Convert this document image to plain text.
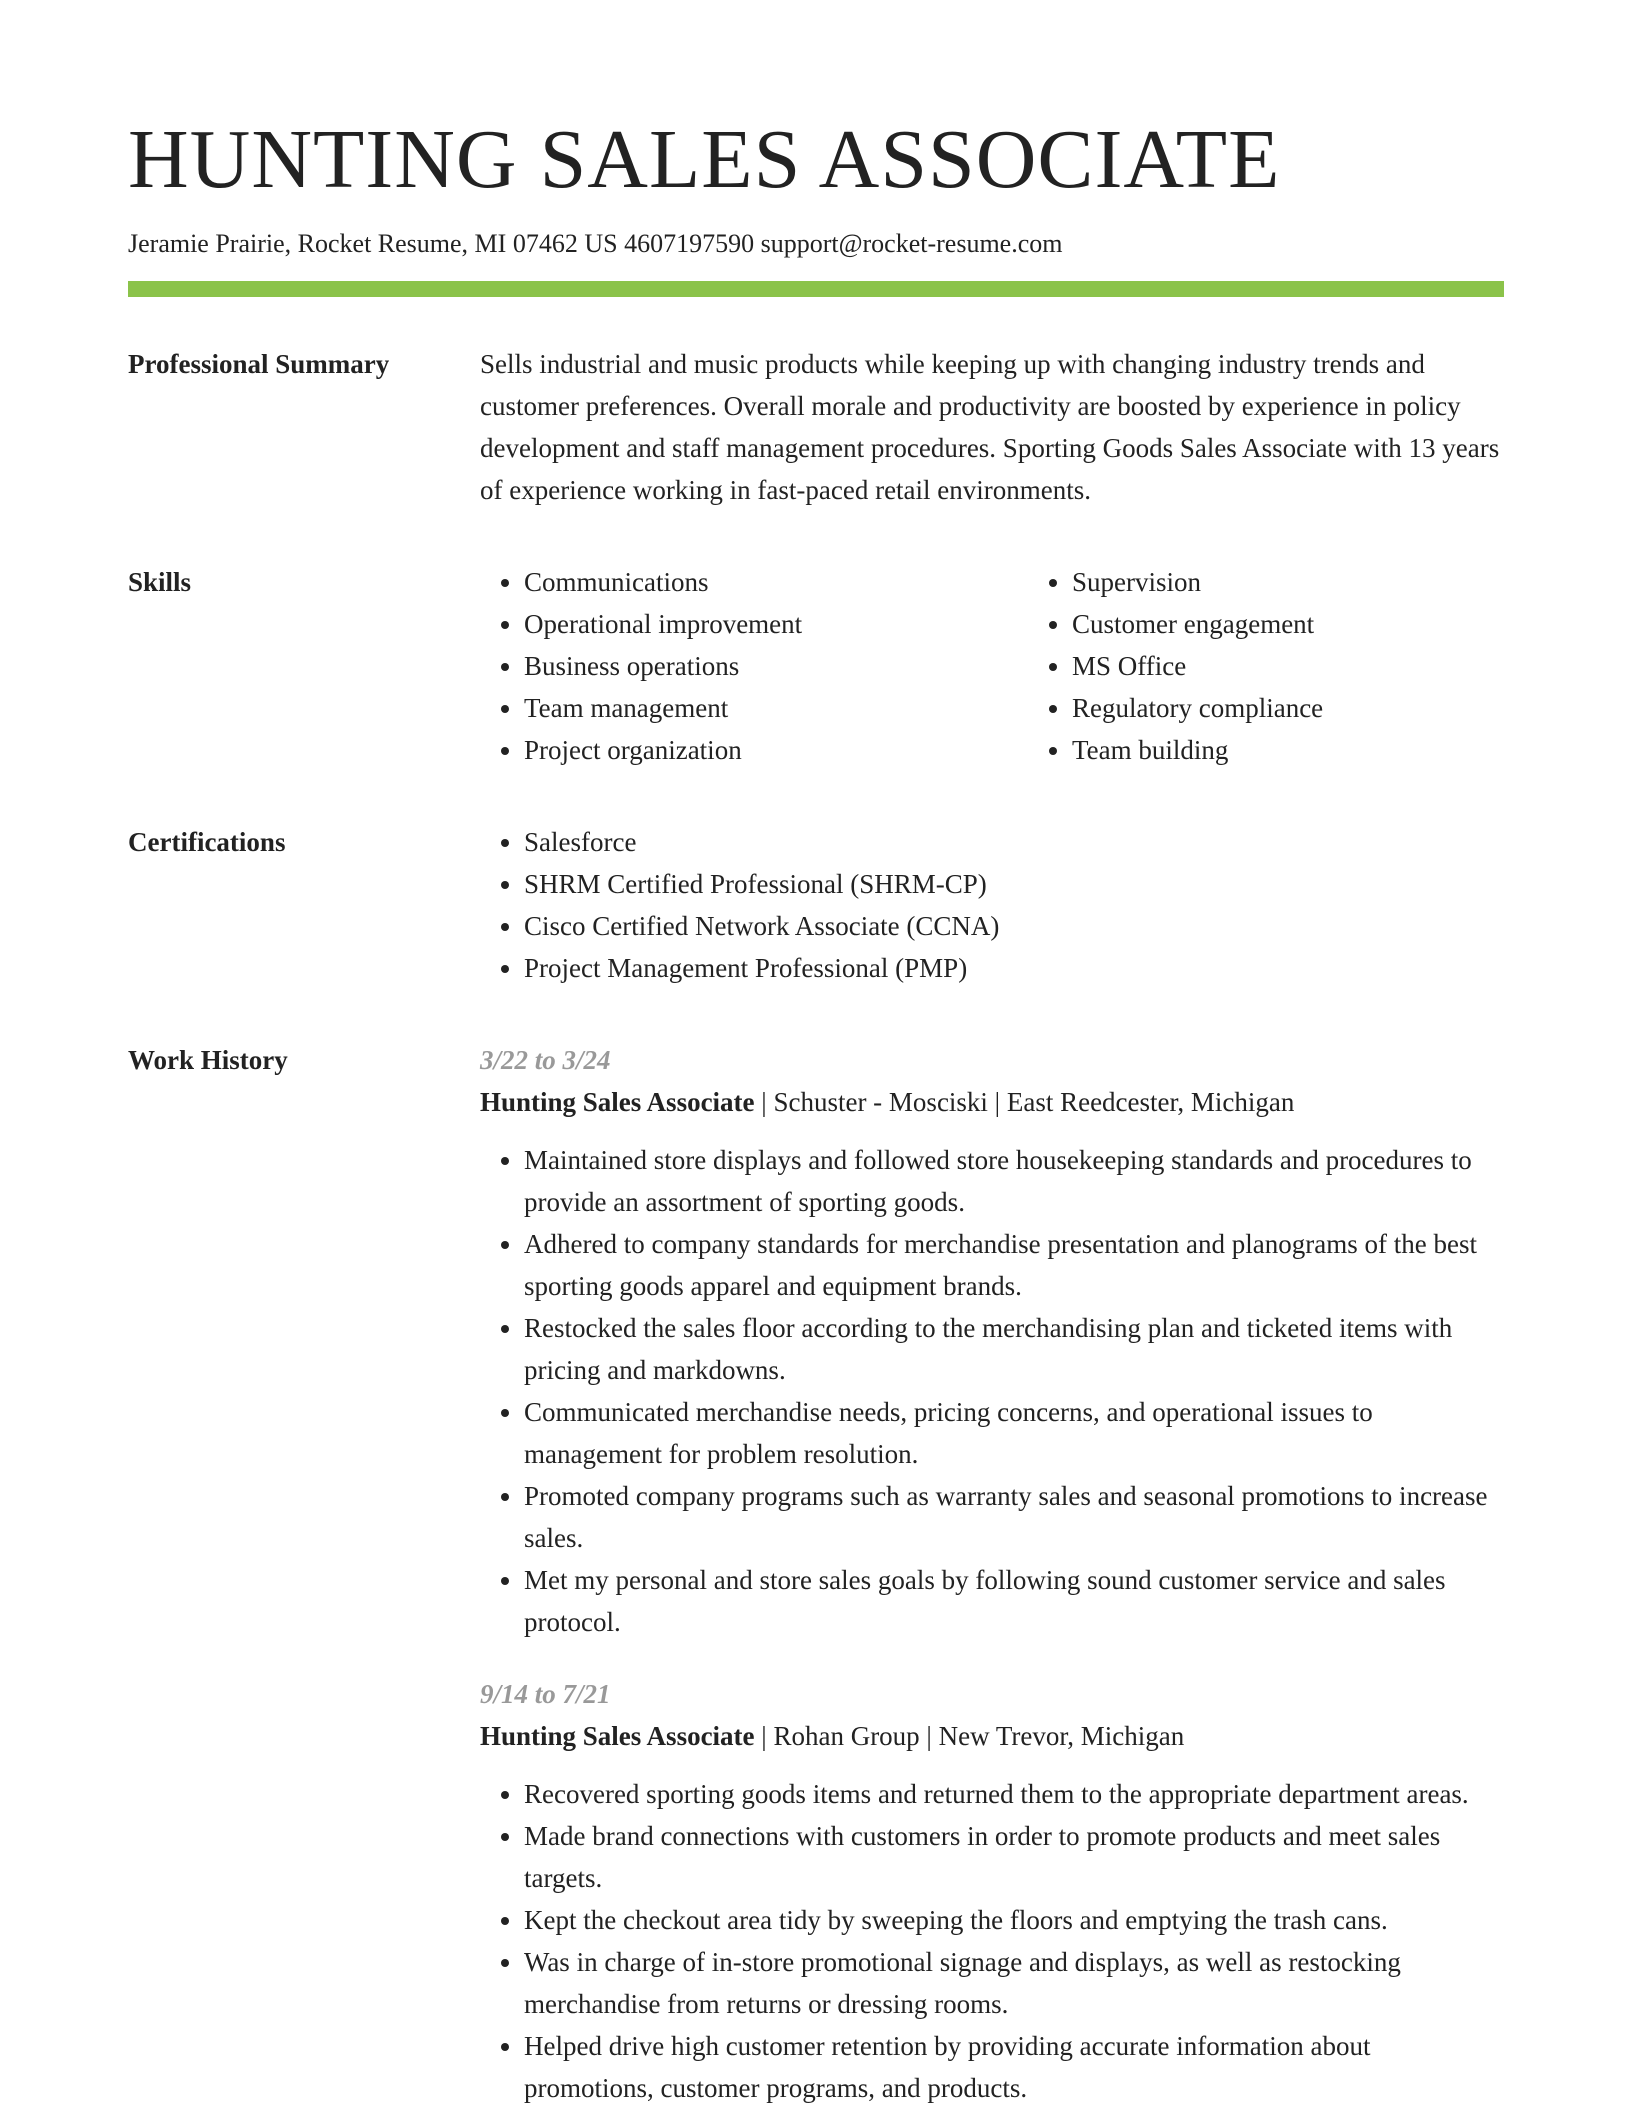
HUNTING SALES ASSOCIATE
Jeramie Prairie, Rocket Resume, MI 07462 US 4607197590 support@rocket-resume.com
Professional Summary	Sells industrial and music products while keeping up with changing industry trends and customer preferences. Overall morale and productivity are boosted by experience in policy development and staff management procedures. Sporting Goods Sales Associate with 13 years of experience working in fast-paced retail environments.
Skills	• Communications
• Operational improvement
• Business operations
• Team management
• Project organization
• Supervision
• Customer engagement
• MS Office
• Regulatory compliance
• Team building
Certifications	• Salesforce
• SHRM Certified Professional (SHRM-CP)
• Cisco Certified Network Associate (CCNA)
• Project Management Professional (PMP)
Work History	3/22 to 3/24
Hunting Sales Associate | Schuster - Mosciski | East Reedcester, Michigan
• Maintained store displays and followed store housekeeping standards and procedures to provide an assortment of sporting goods.
• Adhered to company standards for merchandise presentation and planograms of the best sporting goods apparel and equipment brands.
• Restocked the sales floor according to the merchandising plan and ticketed items with pricing and markdowns.
• Communicated merchandise needs, pricing concerns, and operational issues to management for problem resolution.
• Promoted company programs such as warranty sales and seasonal promotions to increase sales.
• Met my personal and store sales goals by following sound customer service and sales protocol.
9/14 to 7/21
Hunting Sales Associate | Rohan Group | New Trevor, Michigan
• Recovered sporting goods items and returned them to the appropriate department areas.
• Made brand connections with customers in order to promote products and meet sales targets.
• Kept the checkout area tidy by sweeping the floors and emptying the trash cans.
• Was in charge of in-store promotional signage and displays, as well as restocking merchandise from returns or dressing rooms.
• Helped drive high customer retention by providing accurate information about promotions, customer programs, and products.
